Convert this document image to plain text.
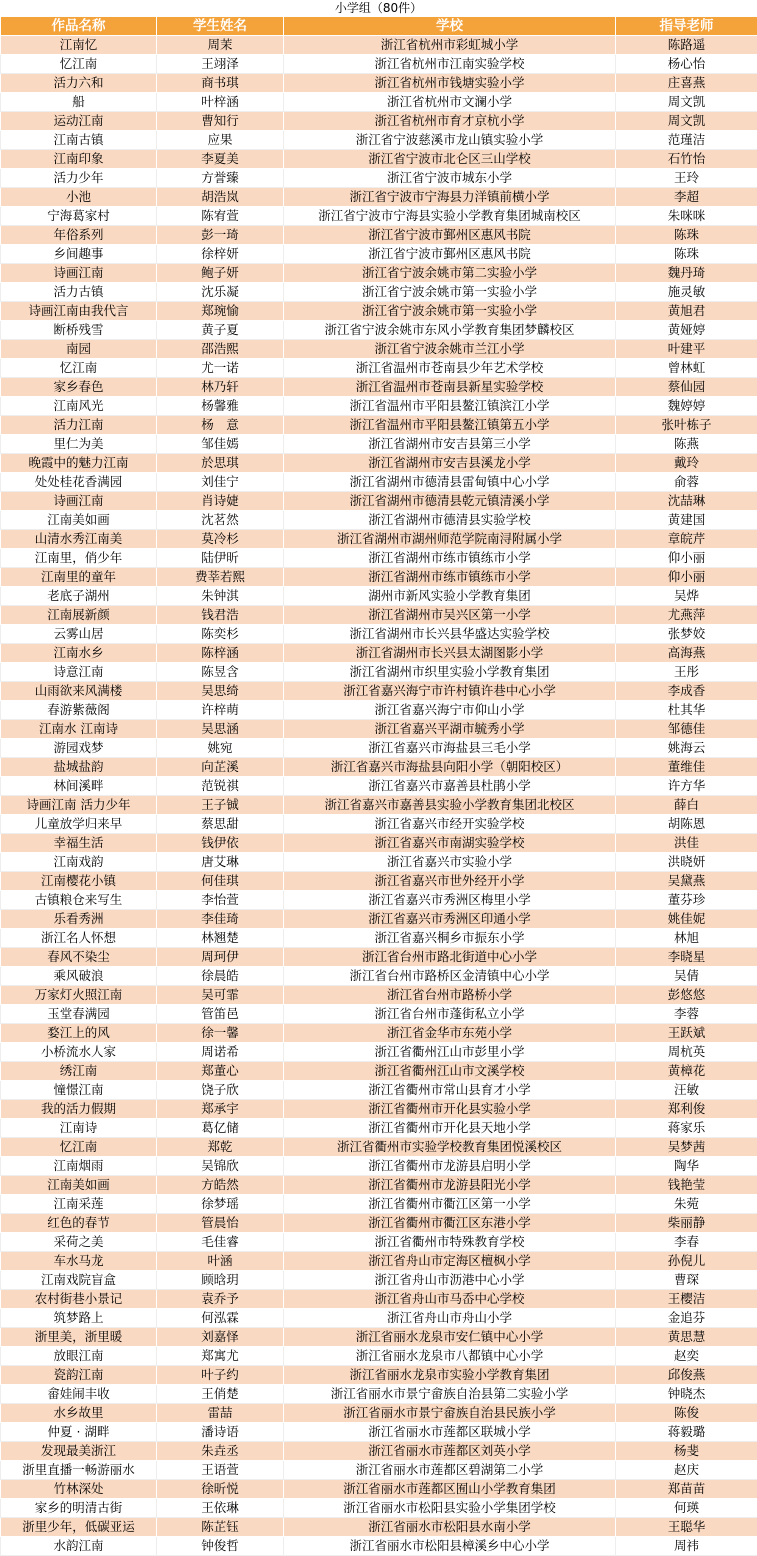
小学组（80件）
作品名称	学生姓名	学校	指导老师
江南忆	周茉	浙江省杭州市彩虹城小学	陈路遥
忆江南	王翊泽	浙江省杭州市江南实验学校	杨心怡
活力六和	商书琪	浙江省杭州市钱塘实验小学	庄喜燕
船	叶梓涵	浙江省杭州市文澜小学	周文凯
运动江南	曹知行	浙江省杭州市育才京杭小学	周文凯
江南古镇	应果	浙江省宁波慈溪市龙山镇实验小学	范瑾洁
江南印象	李夏美	浙江省宁波市北仑区三山学校	石竹怡
活力少年	方誉臻	浙江省宁波市城东小学	王玲
小池	胡浩岚	浙江省宁波市宁海县力洋镇前横小学	李超
宁海葛家村	陈宥萱	浙江省宁波市宁海县实验小学教育集团城南校区	朱咪咪
年俗系列	彭一琦	浙江省宁波市鄞州区惠风书院	陈珠
乡间趣事	徐梓妍	浙江省宁波市鄞州区惠风书院	陈珠
诗画江南	鲍子妍	浙江省宁波余姚市第二实验小学	魏丹琦
活力古镇	沈乐凝	浙江省宁波余姚市第一实验小学	施灵敏
诗画江南由我代言	郑琬愉	浙江省宁波余姚市第一实验小学	黄旭君
断桥残雪	黄子夏	浙江省宁波余姚市东风小学教育集团梦麟校区	黄娅婷
南园	邵浩熙	浙江省宁波余姚市兰江小学	叶建平
忆江南	尤一诺	浙江省温州市苍南县少年艺术学校	曾林虹
家乡春色	林乃轩	浙江省温州市苍南县新星实验学校	蔡仙园
江南风光	杨馨雅	浙江省温州市平阳县鳌江镇滨江小学	魏婷婷
活力江南	杨　意	浙江省温州市平阳县鳌江镇第五小学	张叶栋子
里仁为美	邹佳嫣	浙江省湖州市安吉县第三小学	陈燕
晚霞中的魅力江南	於思琪	浙江省湖州市安吉县溪龙小学	戴玲
处处桂花香满园	刘佳宁	浙江省湖州市德清县雷甸镇中心小学	俞蓉
诗画江南	肖诗婕	浙江省湖州市德清县乾元镇清溪小学	沈喆琳
江南美如画	沈茗然	浙江省湖州市德清县实验学校	黄建国
山清水秀江南美	莫冷杉	浙江省湖州市湖州师范学院南浔附属小学	章皖芹
江南里，俏少年	陆伊昕	浙江省湖州市练市镇练市小学	仰小丽
江南里的童年	费莘若熙	浙江省湖州市练市镇练市小学	仰小丽
老底子湖州	朱钟淇	湖州市新风实验小学教育集团	吴烨
江南展新颜	钱君浩	浙江省湖州市吴兴区第一小学	尤燕萍
云雾山居	陈奕杉	浙江省湖州市长兴县华盛达实验学校	张梦姣
江南水乡	陈梓涵	浙江省湖州市长兴县太湖图影小学	高海燕
诗意江南	陈昱含	浙江省湖州市织里实验小学教育集团	王彤
山雨欲来风满楼	吴思绮	浙江省嘉兴海宁市许村镇许巷中心小学	李成香
春游紫薇阁	许梓萌	浙江省嘉兴海宁市仰山小学	杜其华
江南水 江南诗	吴思涵	浙江省嘉兴平湖市毓秀小学	邹德佳
游园戏梦	姚宛	浙江省嘉兴市海盐县三毛小学	姚海云
盐城盐韵	向芷溪	浙江省嘉兴市海盐县向阳小学（朝阳校区）	董维佳
林间溪畔	范锐祺	浙江省嘉兴市嘉善县杜鹃小学	许方华
诗画江南 活力少年	王子铖	浙江省嘉兴市嘉善县实验小学教育集团北校区	薛白
儿童放学归来早	蔡思甜	浙江省嘉兴市经开实验学校	胡陈恩
幸福生活	钱伊依	浙江省嘉兴市南湖实验学校	洪佳
江南戏韵	唐艾琳	浙江省嘉兴市实验小学	洪晓妍
江南樱花小镇	何佳琪	浙江省嘉兴市世外经开小学	吴黛燕
古镇粮仓来写生	李怡萱	浙江省嘉兴市秀洲区梅里小学	董芬珍
乐看秀洲	李佳琦	浙江省嘉兴市秀洲区印通小学	姚佳妮
浙江名人怀想	林翘楚	浙江省嘉兴桐乡市振东小学	林旭
春风不染尘	周珂伊	浙江省台州市路北街道中心小学	李晓星
乘风破浪	徐晨皓	浙江省台州市路桥区金清镇中心小学	吴倩
万家灯火照江南	吴可霏	浙江省台州市路桥小学	彭悠悠
玉堂春满园	管笛邑	浙江省台州市蓬街私立小学	李蓉
婺江上的风	徐一馨	浙江省金华市东苑小学	王跃斌
小桥流水人家	周诺希	浙江省衢州江山市彭里小学	周杭英
绣江南	郑董心	浙江省衢州江山市文溪学校	黄樟花
憧憬江南	饶子欣	浙江省衢州市常山县育才小学	汪敏
我的活力假期	郑承宇	浙江省衢州市开化县实验小学	郑利俊
江南诗	葛亿储	浙江省衢州市开化县天地小学	蒋家乐
忆江南	郑乾	浙江省衢州市实验学校教育集团悦溪校区	吴梦茜
江南烟雨	吴锦欣	浙江省衢州市龙游县启明小学	陶华
江南美如画	方皓然	浙江省衢州市龙游县阳光小学	钱艳莹
江南采莲	徐梦瑶	浙江省衢州市衢江区第一小学	朱菀
红色的春节	管晨怡	浙江省衢州市衢江区东港小学	柴丽静
采荷之美	毛佳睿	浙江省衢州市特殊教育学校	李春
车水马龙	叶涵	浙江省舟山市定海区檀枫小学	孙倪儿
江南戏院盲盒	顾晗玥	浙江省舟山市沥港中心小学	曹琛
农村街巷小景记	袁乔予	浙江省舟山市马岙中心学校	王樱洁
筑梦路上	何泓霖	浙江省舟山市舟山小学	金追芬
浙里美，浙里暖	刘嘉怿	浙江省丽水龙泉市安仁镇中心小学	黄思慧
放眼江南	郑寓尤	浙江省丽水龙泉市八都镇中心小学	赵奕
瓷韵江南	叶子约	浙江省丽水龙泉市实验小学教育集团	邱俊燕
畲娃闹丰收	王俏楚	浙江省丽水市景宁畲族自治县第二实验小学	钟晓杰
水乡故里	雷喆	浙江省丽水市景宁畲族自治县民族小学	陈俊
仲夏 · 湖畔	潘诗语	浙江省丽水市莲都区联城小学	蒋毅璐
发现最美浙江	朱垚丞	浙江省丽水市莲都区刘英小学	杨斐
浙里直播一畅游丽水	王语萱	浙江省丽水市莲都区碧湖第二小学	赵庆
竹林深处	徐昕悦	浙江省丽水市莲都区囿山小学教育集团	郑苗苗
家乡的明清古街	王依琳	浙江省丽水市松阳县实验小学集团学校	何瑛
浙里少年，低碳亚运	陈芷钰	浙江省丽水市松阳县水南小学	王聪华
水韵江南	钟俊哲	浙江省丽水市松阳县樟溪乡中心小学	周祎
